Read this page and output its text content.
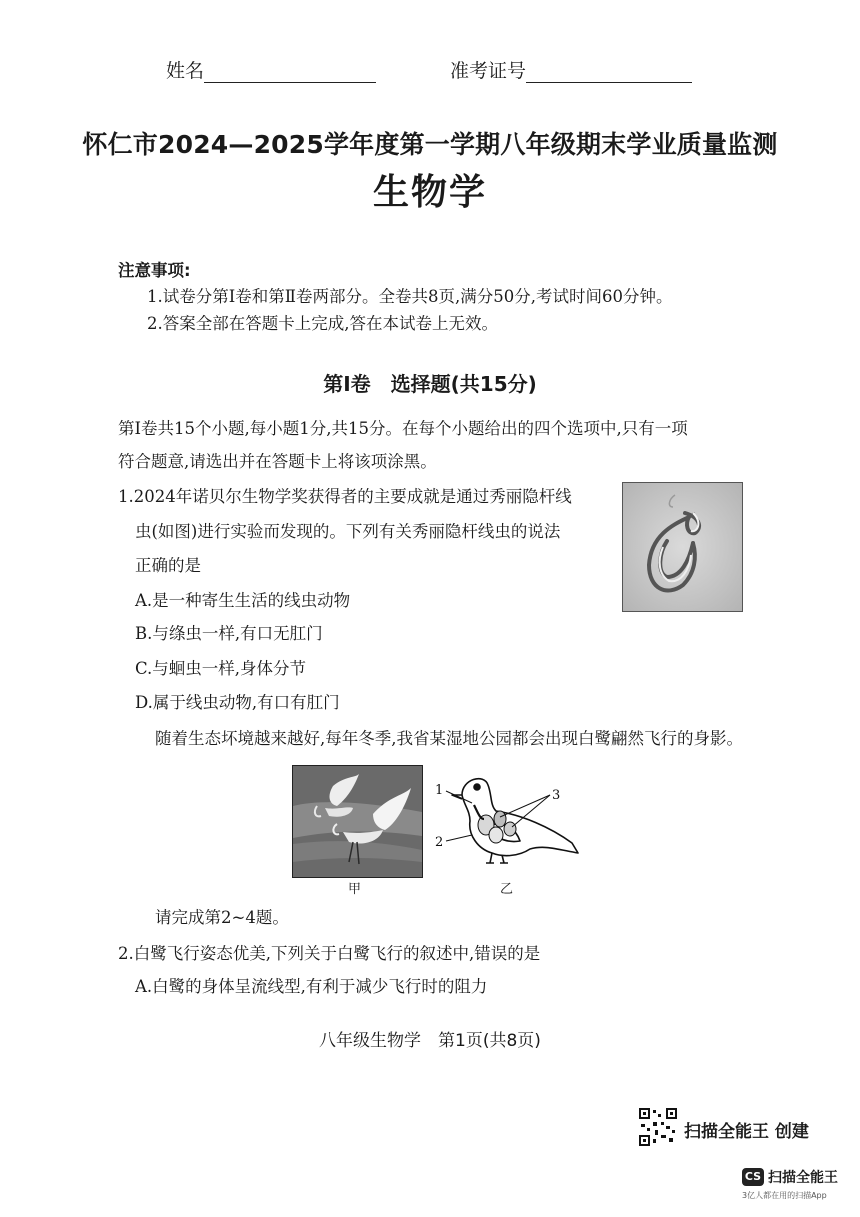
姓名	准考证号
怀仁市2024—2025学年度第一学期八年级期末学业质量监测
生物学
注意事项:
1.试卷分第Ⅰ卷和第Ⅱ卷两部分。全卷共8页,满分50分,考试时间60分钟。
2.答案全部在答题卡上完成,答在本试卷上无效。
第Ⅰ卷　选择题(共15分)
第Ⅰ卷共15个小题,每小题1分,共15分。在每个小题给出的四个选项中,只有一项
符合题意,请选出并在答题卡上将该项涂黑。
1.2024年诺贝尔生物学奖获得者的主要成就是通过秀丽隐杆线
虫(如图)进行实验而发现的。下列有关秀丽隐杆线虫的说法
正确的是
A.是一种寄生生活的线虫动物
B.与绦虫一样,有口无肛门
C.与蛔虫一样,身体分节
D.属于线虫动物,有口有肛门
随着生态坏境越来越好,每年冬季,我省某湿地公园都会出现白鹭翩然飞行的身影。
甲
1
2
3
乙
请完成第2~4题。
2.白鹭飞行姿态优美,下列关于白鹭飞行的叙述中,错误的是
A.白鹭的身体呈流线型,有利于减少飞行时的阻力
八年级生物学　第1页(共8页)
扫描全能王 创建
CS 扫描全能王
3亿人都在用的扫描App
